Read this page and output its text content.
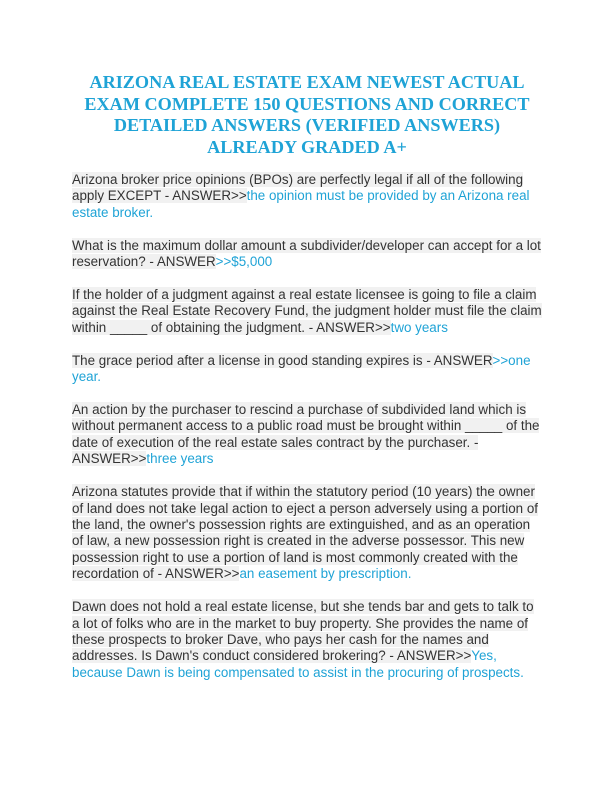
ARIZONA REAL ESTATE EXAM NEWEST ACTUAL
EXAM COMPLETE 150 QUESTIONS AND CORRECT
DETAILED ANSWERS (VERIFIED ANSWERS)
ALREADY GRADED A+

Arizona broker price opinions (BPOs) are perfectly legal if all of the following apply EXCEPT - ANSWER>>the opinion must be provided by an Arizona real estate broker.

What is the maximum dollar amount a subdivider/developer can accept for a lot reservation? - ANSWER>>$5,000

If the holder of a judgment against a real estate licensee is going to file a claim against the Real Estate Recovery Fund, the judgment holder must file the claim within _____ of obtaining the judgment. - ANSWER>>two years

The grace period after a license in good standing expires is - ANSWER>>one year.

An action by the purchaser to rescind a purchase of subdivided land which is without permanent access to a public road must be brought within _____ of the date of execution of the real estate sales contract by the purchaser. - ANSWER>>three years

Arizona statutes provide that if within the statutory period (10 years) the owner of land does not take legal action to eject a person adversely using a portion of the land, the owner's possession rights are extinguished, and as an operation of law, a new possession right is created in the adverse possessor. This new possession right to use a portion of land is most commonly created with the recordation of - ANSWER>>an easement by prescription.

Dawn does not hold a real estate license, but she tends bar and gets to talk to a lot of folks who are in the market to buy property. She provides the name of these prospects to broker Dave, who pays her cash for the names and addresses. Is Dawn's conduct considered brokering? - ANSWER>>Yes, because Dawn is being compensated to assist in the procuring of prospects.
